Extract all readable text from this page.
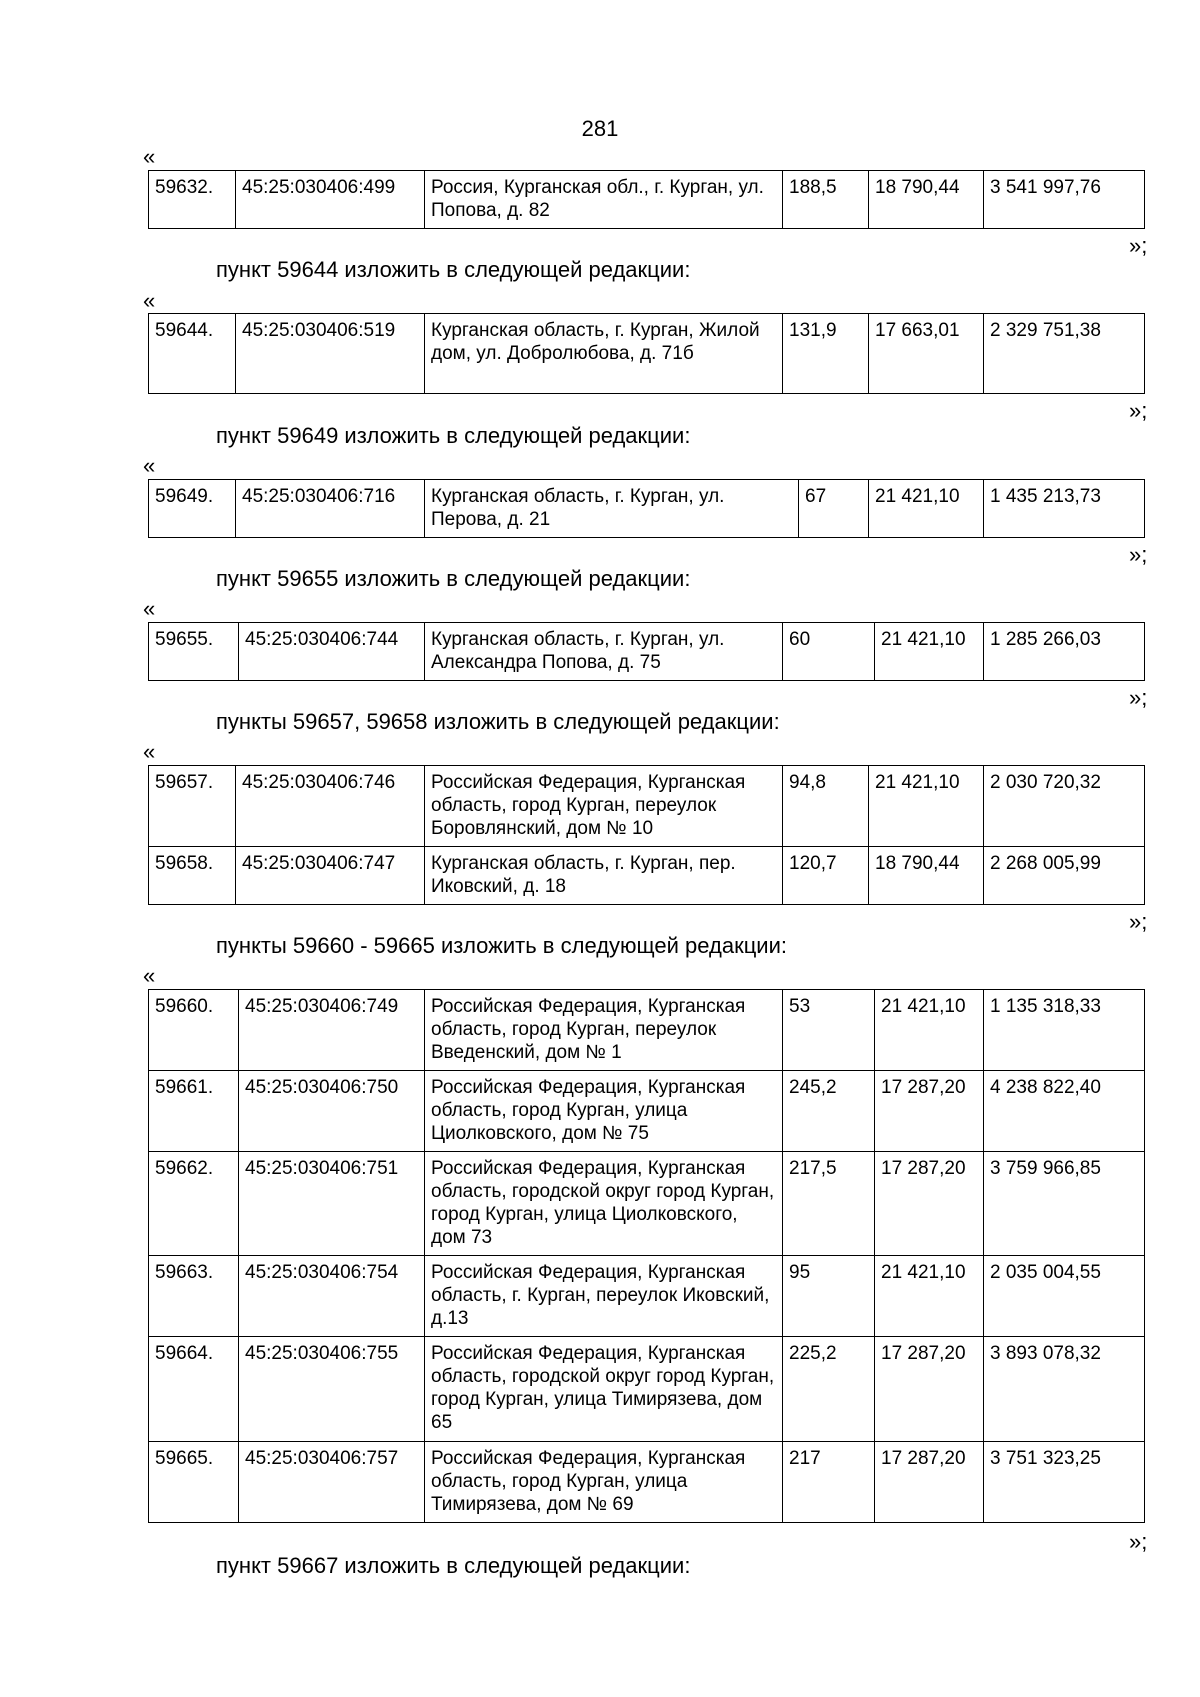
281
«
59632.	45:25:030406:499	Россия, Курганская обл., г. Курган, ул. Попова, д. 82	188,5	18 790,44	3 541 997,76
»;
пункт 59644 изложить в следующей редакции:
«
59644.	45:25:030406:519	Курганская область, г. Курган, Жилой дом, ул. Добролюбова, д. 71б	131,9	17 663,01	2 329 751,38
»;
пункт 59649 изложить в следующей редакции:
«
59649.	45:25:030406:716	Курганская область, г. Курган, ул. Перова, д. 21	67	21 421,10	1 435 213,73
»;
пункт 59655 изложить в следующей редакции:
«
59655.	45:25:030406:744	Курганская область, г. Курган, ул. Александра Попова, д. 75	60	21 421,10	1 285 266,03
»;
пункты 59657, 59658 изложить в следующей редакции:
«
59657.	45:25:030406:746	Российская Федерация, Курганская область, город Курган, переулок Боровлянский, дом № 10	94,8	21 421,10	2 030 720,32
59658.	45:25:030406:747	Курганская область, г. Курган, пер. Иковский, д. 18	120,7	18 790,44	2 268 005,99
»;
пункты 59660 - 59665 изложить в следующей редакции:
«
59660.	45:25:030406:749	Российская Федерация, Курганская область, город Курган, переулок Введенский, дом № 1	53	21 421,10	1 135 318,33
59661.	45:25:030406:750	Российская Федерация, Курганская область, город Курган, улица Циолковского, дом № 75	245,2	17 287,20	4 238 822,40
59662.	45:25:030406:751	Российская Федерация, Курганская область, городской округ город Курган, город Курган, улица Циолковского, дом 73	217,5	17 287,20	3 759 966,85
59663.	45:25:030406:754	Российская Федерация, Курганская область, г. Курган, переулок Иковский, д.13	95	21 421,10	2 035 004,55
59664.	45:25:030406:755	Российская Федерация, Курганская область, городской округ город Курган, город Курган, улица Тимирязева, дом 65	225,2	17 287,20	3 893 078,32
59665.	45:25:030406:757	Российская Федерация, Курганская область, город Курган, улица Тимирязева, дом № 69	217	17 287,20	3 751 323,25
»;
пункт 59667 изложить в следующей редакции:
